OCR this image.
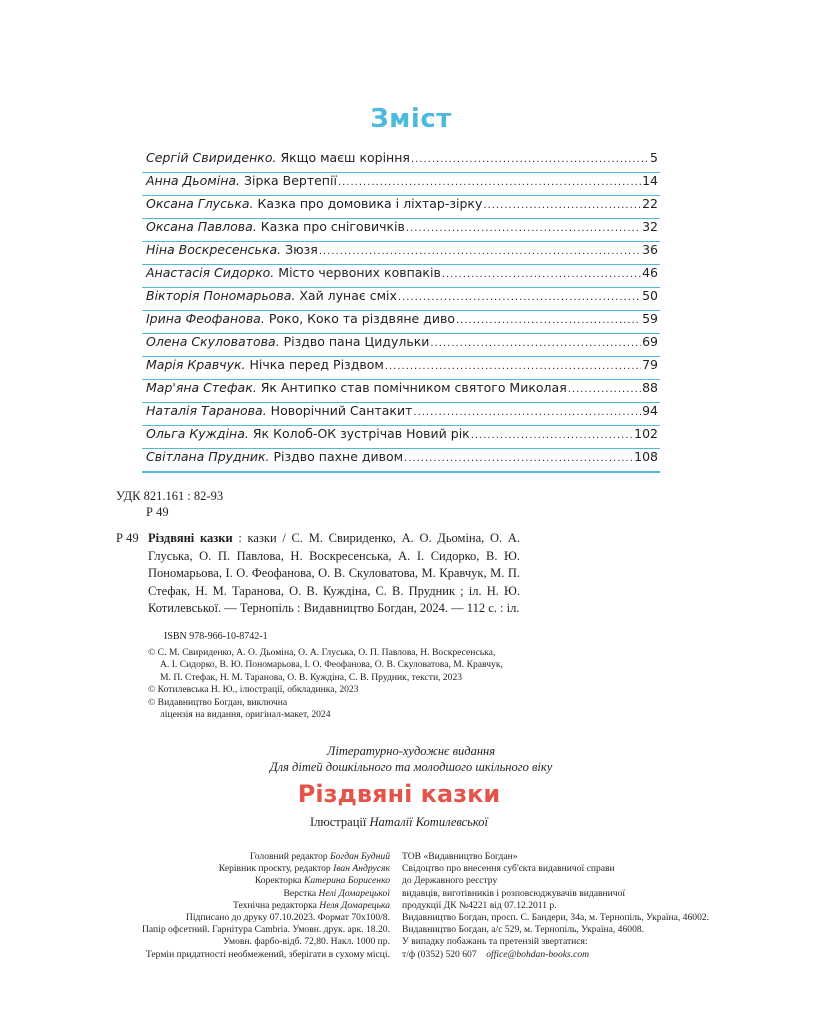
Зміст
Сергій Свириденко. Якщо маєш коріння .....	5
Анна Дьоміна. Зірка Вертепії .....	14
Оксана Глуська. Казка про домовика і ліхтар-зірку .....	22
Оксана Павлова. Казка про сніговичків .....	32
Ніна Воскресенська. Зюзя .....	36
Анастасія Сидорко. Місто червоних ковпаків .....	46
Вікторія Пономарьова. Хай лунає сміх .....	50
Ірина Феофанова. Роко, Коко та різдвяне диво .....	59
Олена Скуловатова. Різдво пана Цидульки .....	69
Марія Кравчук. Нічка перед Різдвом .....	79
Мар'яна Стефак. Як Антипко став помічником святого Миколая .....	88
Наталія Таранова. Новорічний Сантакит .....	94
Ольга Куждіна. Як Колоб-ОК зустрічав Новий рік .....	102
Світлана Прудник. Різдво пахне дивом .....	108
УДК 821.161 : 82-93
Р 49
Р 49 Різдвяні казки : казки / С. М. Свириденко, А. О. Дьоміна, О. А. Глуська, О. П. Павлова, Н. Воскресенська, А. І. Сидорко, В. Ю. Пономарьова, І. О. Феофанова, О. В. Скуловатова, М. Кравчук, М. П. Стефак, Н. М. Таранова, О. В. Куждіна, С. В. Прудник ; іл. Н. Ю. Котилевської. — Тернопіль : Видавництво Богдан, 2024. — 112 с. : іл.
ISBN 978-966-10-8742-1
© С. М. Свириденко, А. О. Дьоміна, О. А. Глуська, О. П. Павлова, Н. Воскресенська,
А. І. Сидорко, В. Ю. Пономарьова, І. О. Феофанова, О. В. Скуловатова, М. Кравчук,
М. П. Стефак, Н. М. Таранова, О. В. Куждіна, С. В. Прудник, тексти, 2023
© Котилевська Н. Ю., ілюстрації, обкладинка, 2023
© Видавництво Богдан, виключна
ліцензія на видання, оригінал-макет, 2024
Літературно-художнє видання
Для дітей дошкільного та молодшого шкільного віку
Різдвяні казки
Ілюстрації Наталії Котилевської
Головний редактор Богдан Будний
Керівник проєкту, редактор Іван Андрусяк
Коректорка Катерина Борисенко
Верстка Нелі Домарецької
Технічна редакторка Неля Домарецька
Підписано до друку 07.10.2023. Формат 70х100/8.
Папір офсетний. Гарнітура Cambria. Умовн. друк. арк. 18.20.
Умовн. фарбо-відб. 72,80. Накл. 1000 пр.
Термін придатності необмежений, зберігати в сухому місці.
ТОВ «Видавництво Богдан»
Свідоцтво про внесення суб'єкта видавничої справи
до Державного реєстру
видавців, виготівників і розповсюджувачів видавничої
продукції ДК №4221 від 07.12.2011 р.
Видавництво Богдан, просп. С. Бандери, 34а, м. Тернопіль, Україна, 46002.
Видавництво Богдан, а/с 529, м. Тернопіль, Україна, 46008.
У випадку побажань та претензій звертатися:
т/ф (0352) 520 607 office@bohdan-books.com
